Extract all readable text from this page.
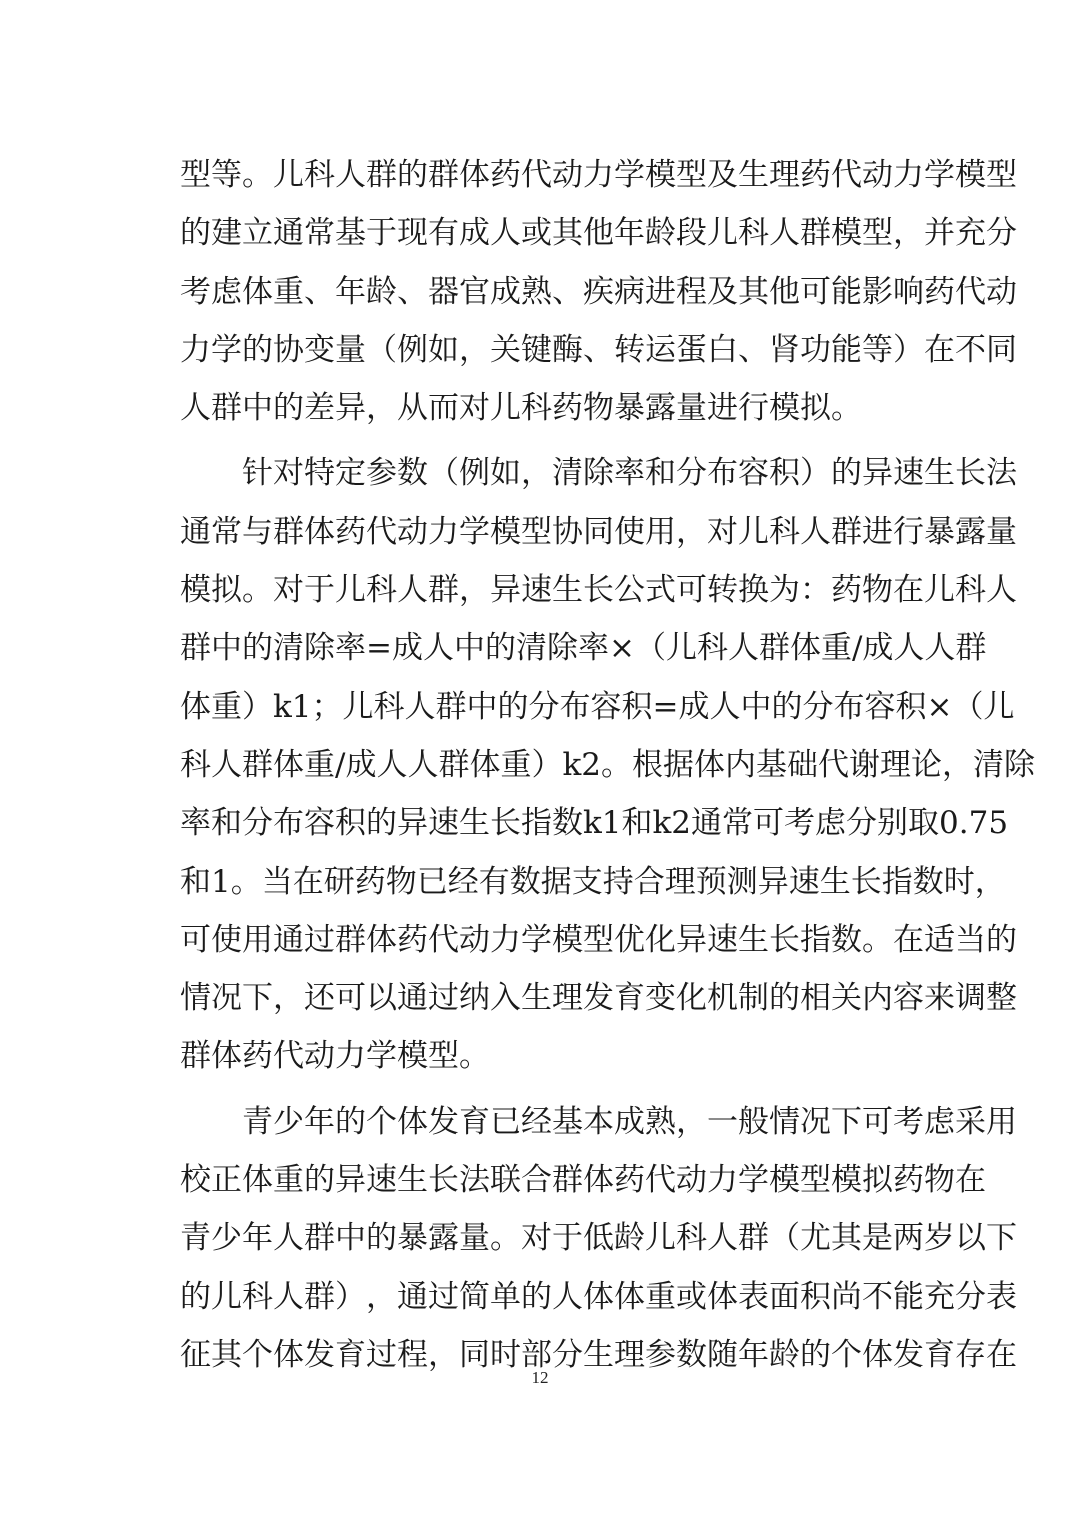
型 等 。 儿 科 人 群 的 群 体 药 代 动 力 学 模 型 及 生 理 药 代 动 力 学 模 型
的 建 立 通 常 基 于 现 有 成 人 或 其 他 年 龄 段 儿 科 人 群 模 型 ， 并 充 分
考 虑 体 重 、 年 龄 、 器 官 成 熟 、 疾 病 进 程 及 其 他 可 能 影 响 药 代 动
力 学 的 协 变 量 （ 例 如 ， 关 键 酶 、 转 运 蛋 白 、 肾 功 能 等 ） 在 不 同
人群中的差异，从而对儿科药物暴露量进行模拟。
针 对 特 定 参 数 （ 例 如 ， 清 除 率 和 分 布 容 积 ） 的 异 速 生 长 法
通 常 与 群 体 药 代 动 力 学 模 型 协 同 使 用 ， 对 儿 科 人 群 进 行 暴 露 量
模 拟 。 对 于 儿 科 人 群 ， 异 速 生 长 公 式 可 转 换 为 ： 药 物 在 儿 科 人
群 中 的 清 除 率 = 成 人 中 的 清 除 率 × （ 儿 科 人 群 体 重 / 成 人 人 群
体 重 ） k1 ； 儿 科 人 群 中 的 分 布 容 积 = 成 人 中 的 分 布 容 积 × （ 儿
科 人 群 体 重 / 成 人 人 群 体 重 ） k2 。 根 据 体 内 基 础 代 谢 理 论 ， 清 除
率 和 分 布 容 积 的 异 速 生 长 指 数 k1 和 k2 通 常 可 考 虑 分 别 取 0.75
和 1 。 当 在 研 药 物 已 经 有 数 据 支 持 合 理 预 测 异 速 生 长 指 数 时 ，
可 使 用 通 过 群 体 药 代 动 力 学 模 型 优 化 异 速 生 长 指 数 。 在 适 当 的
情 况 下 ， 还 可 以 通 过 纳 入 生 理 发 育 变 化 机 制 的 相 关 内 容 来 调 整
群体药代动力学模型。
青 少 年 的 个 体 发 育 已 经 基 本 成 熟 ， 一 般 情 况 下 可 考 虑 采 用
校 正 体 重 的 异 速 生 长 法 联 合 群 体 药 代 动 力 学 模 型 模 拟 药 物 在
青 少 年 人 群 中 的 暴 露 量 。 对 于 低 龄 儿 科 人 群 （ 尤 其 是 两 岁 以 下
的 儿 科 人 群 ） ， 通 过 简 单 的 人 体 体 重 或 体 表 面 积 尚 不 能 充 分 表
征其个体发育过程，同时部分生理参数随年龄的个体发育存在
12
